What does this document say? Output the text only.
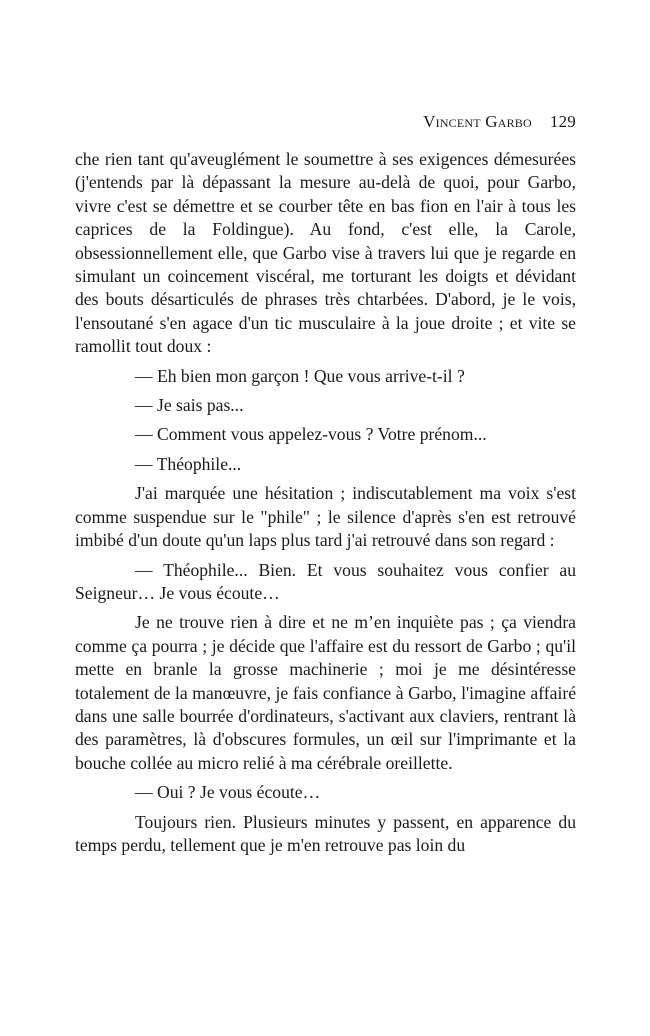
Vincent Garbo 129

che rien tant qu'aveuglément le soumettre à ses exigences démesurées (j'entends par là dépassant la mesure au-delà de quoi, pour Garbo, vivre c'est se démettre et se courber tête en bas fion en l'air à tous les caprices de la Foldingue). Au fond, c'est elle, la Carole, obsessionnellement elle, que Garbo vise à travers lui que je regarde en simulant un coincement viscéral, me torturant les doigts et dévidant des bouts désarticulés de phrases très chtarbées. D'abord, je le vois, l'ensoutané s'en agace d'un tic musculaire à la joue droite ; et vite se ramollit tout doux :

— Eh bien mon garçon ! Que vous arrive-t-il ?

— Je sais pas...

— Comment vous appelez-vous ? Votre prénom...

— Théophile...

J'ai marquée une hésitation ; indiscutablement ma voix s'est comme suspendue sur le "phile" ; le silence d'après s'en est retrouvé imbibé d'un doute qu'un laps plus tard j'ai retrouvé dans son regard :

— Théophile... Bien. Et vous souhaitez vous confier au Seigneur… Je vous écoute…

Je ne trouve rien à dire et ne m’en inquiète pas ; ça viendra comme ça pourra ; je décide que l'affaire est du ressort de Garbo ; qu'il mette en branle la grosse machinerie ; moi je me désintéresse totalement de la manœuvre, je fais confiance à Garbo, l'imagine affairé dans une salle bourrée d'ordinateurs, s'activant aux claviers, rentrant là des paramètres, là d'obscures formules, un œil sur l'imprimante et la bouche collée au micro relié à ma cérébrale oreillette.

— Oui ? Je vous écoute…

Toujours rien. Plusieurs minutes y passent, en apparence du temps perdu, tellement que je m'en retrouve pas loin du
